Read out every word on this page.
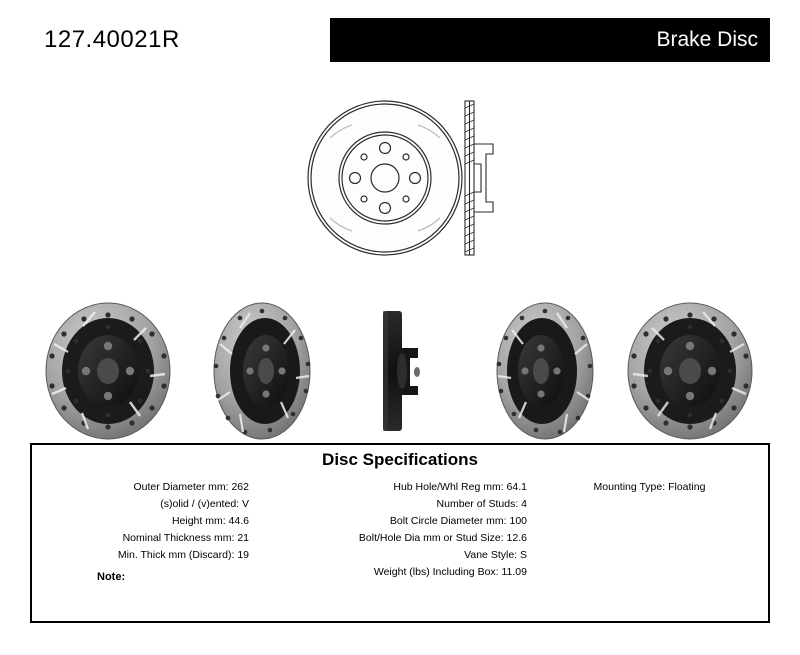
127.40021R	Brake Disc
Disc Specifications
Outer Diameter mm: 262
(s)olid / (v)ented: V
Height mm: 44.6
Nominal Thickness mm: 21
Min. Thick mm (Discard): 19
Hub Hole/Whl Reg mm: 64.1
Number of Studs: 4
Bolt Circle Diameter mm: 100
Bolt/Hole Dia mm or Stud Size: 12.6
Vane Style: S
Weight (lbs) Including Box: 11.09
Mounting Type: Floating
Note:
